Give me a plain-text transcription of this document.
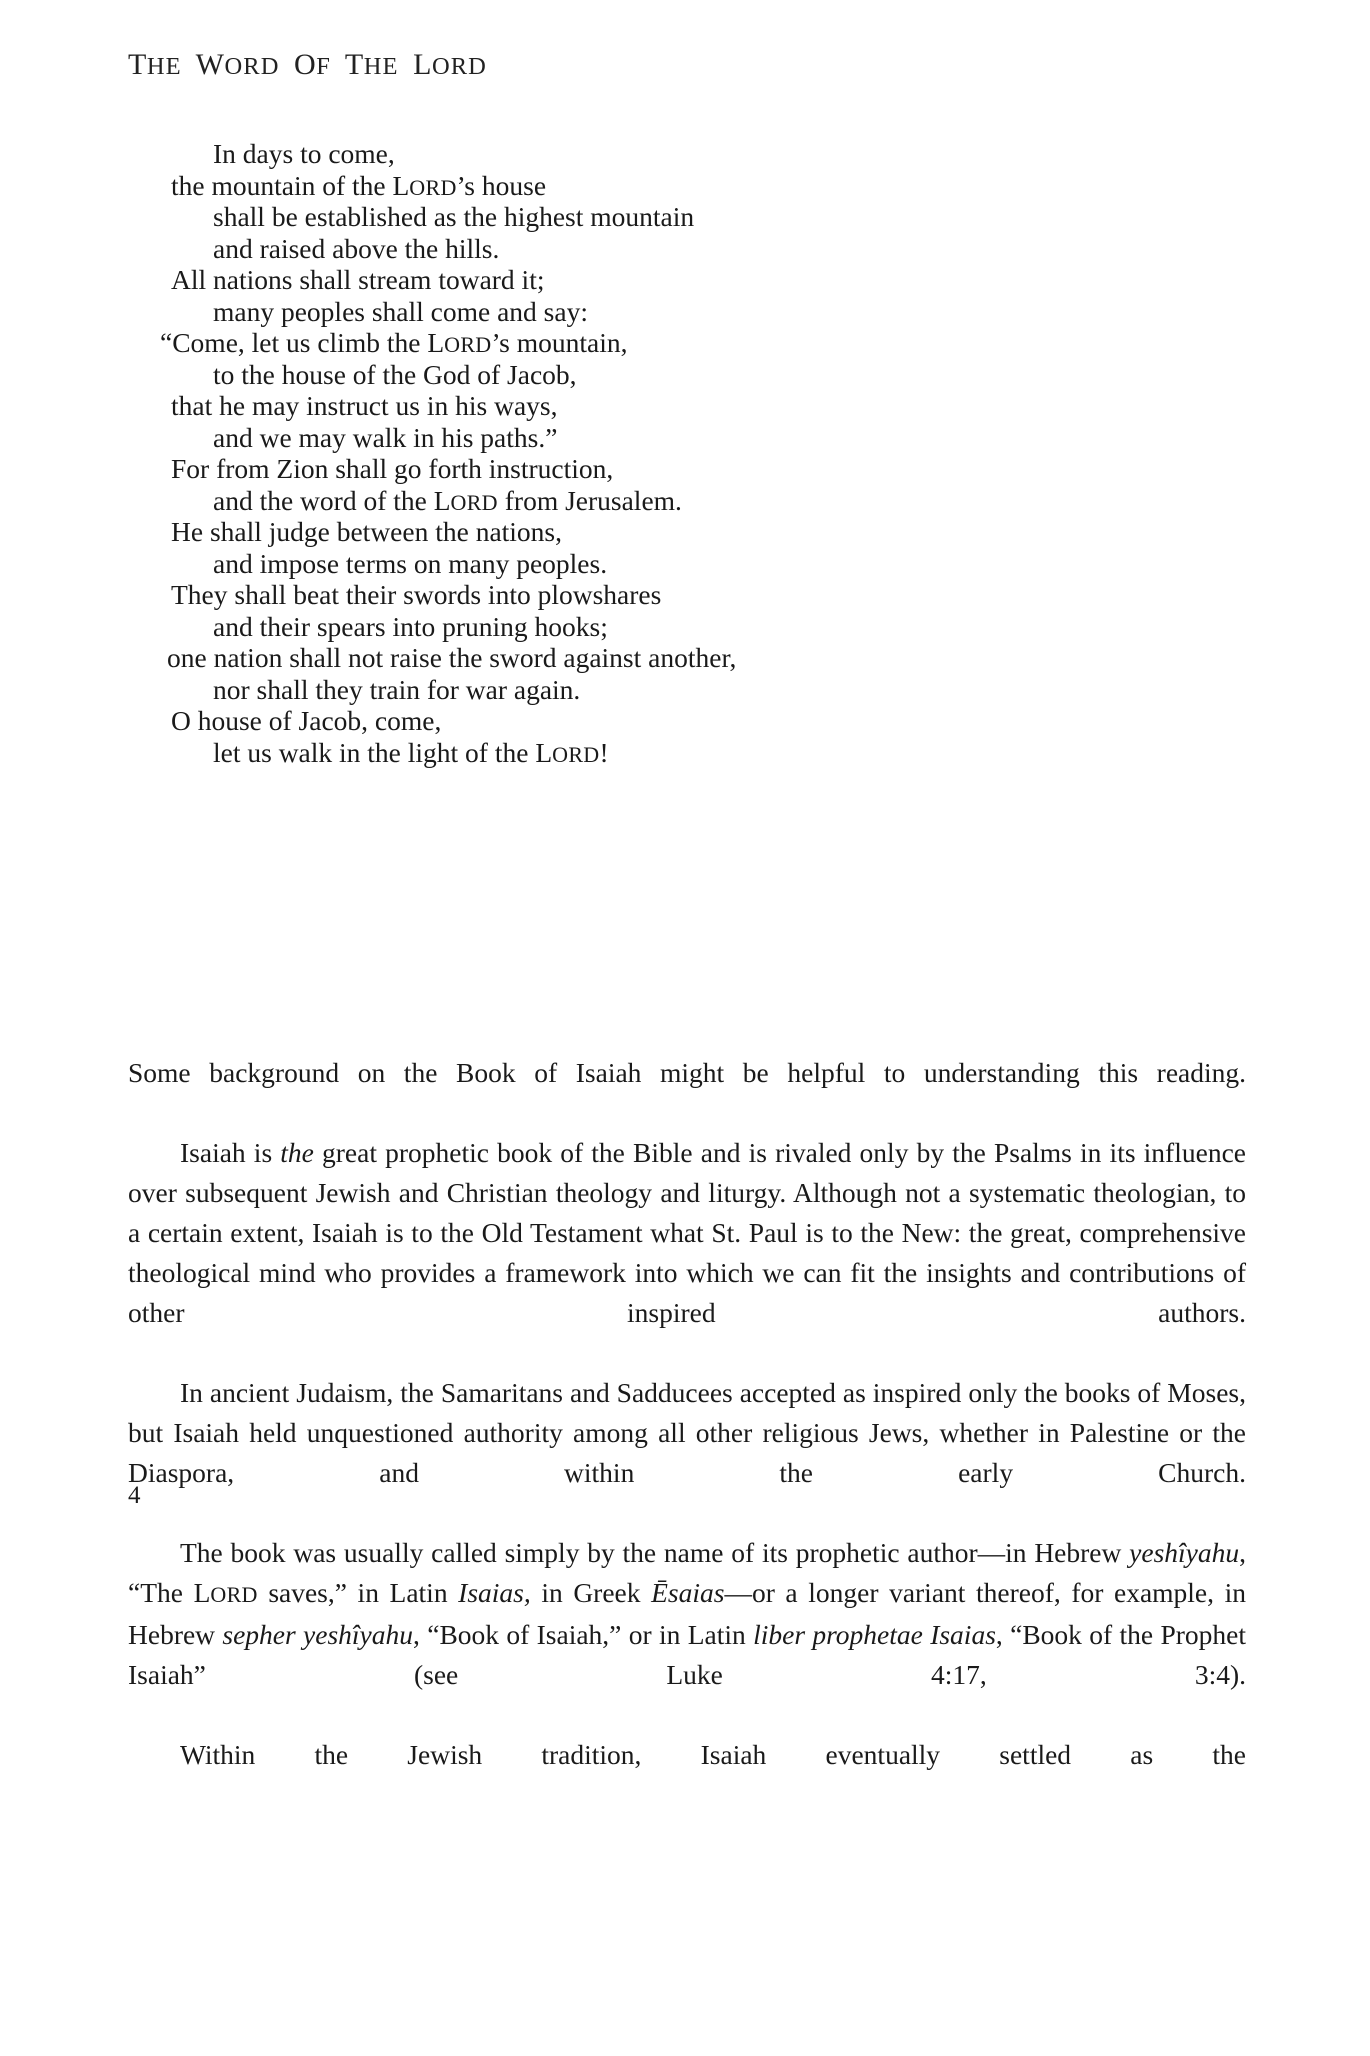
THE  WORD  OF  THE  LORD
In days to come,
the mountain of the LORD’s house
shall be established as the highest mountain
and raised above the hills.
All nations shall stream toward it;
many peoples shall come and say:
“Come, let us climb the LORD’s mountain,
to the house of the God of Jacob,
that he may instruct us in his ways,
and we may walk in his paths.”
For from Zion shall go forth instruction,
and the word of the LORD from Jerusalem.
He shall judge between the nations,
and impose terms on many peoples.
They shall beat their swords into plowshares
and their spears into pruning hooks;
one nation shall not raise the sword against another,
nor shall they train for war again.
O house of Jacob, come,
let us walk in the light of the LORD!

Some background on the Book of Isaiah might be helpful to understanding this reading.

Isaiah is the great prophetic book of the Bible and is rivaled only by the Psalms in its influence over subsequent Jewish and Christian theology and liturgy. Although not a systematic theologian, to a certain extent, Isaiah is to the Old Testament what St. Paul is to the New: the great, comprehensive theological mind who provides a framework into which we can fit the insights and contributions of other inspired authors.

In ancient Judaism, the Samaritans and Sadducees accepted as inspired only the books of Moses, but Isaiah held unquestioned authority among all other religious Jews, whether in Palestine or the Diaspora, and within the early Church.

The book was usually called simply by the name of its prophetic author—in Hebrew yeshîyahu, “The LORD saves,” in Latin Isaias, in Greek Ēsaias—or a longer variant thereof, for example, in Hebrew sepher yeshîyahu, “Book of Isaiah,” or in Latin liber prophetae Isaias, “Book of the Prophet Isaiah” (see Luke 4:17, 3:4).

Within the Jewish tradition, Isaiah eventually settled as the

4
